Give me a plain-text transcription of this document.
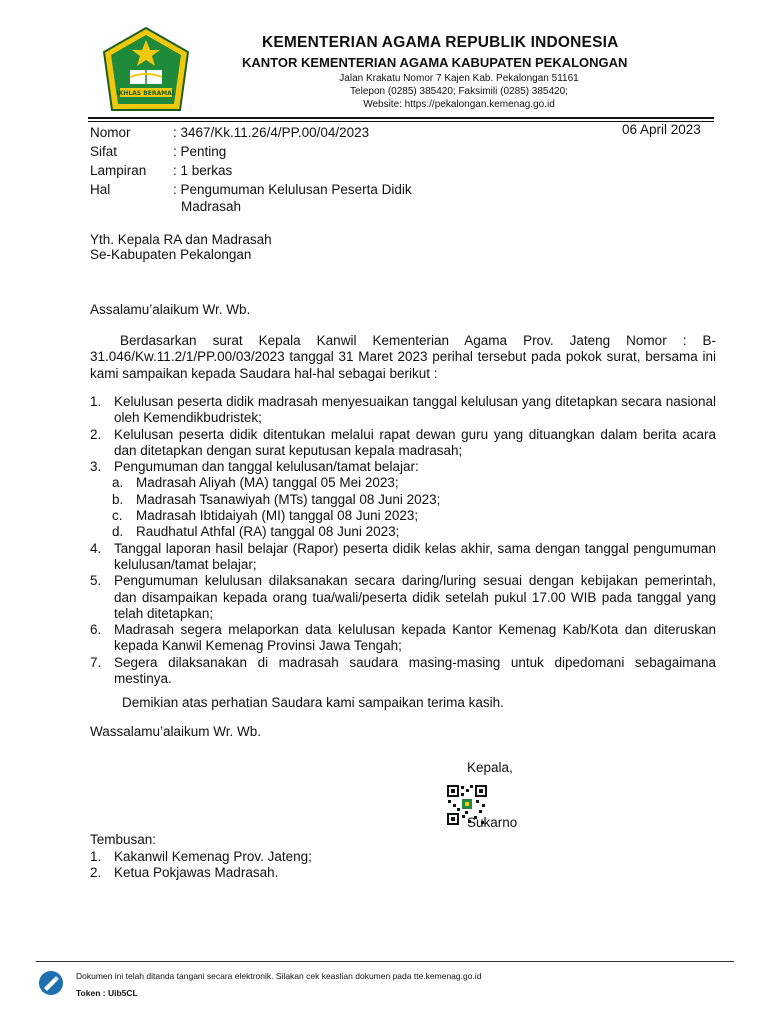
IKHLAS BERAMAL
KEMENTERIAN AGAMA REPUBLIK INDONESIA
KANTOR KEMENTERIAN AGAMA KABUPATEN PEKALONGAN
Jalan Krakatu Nomor 7 Kajen Kab. Pekalongan 51161
Telepon (0285) 385420; Faksimili (0285) 385420;
Website: https://pekalongan.kemenag.go.id
06 April 2023
Nomor	: 3467/Kk.11.26/4/PP.00/04/2023
Sifat	: Penting
Lampiran : 1 berkas
Hal	: Pengumuman Kelulusan Peserta Didik
Madrasah
Yth. Kepala RA dan Madrasah
Se-Kabupaten Pekalongan
Assalamu’alaikum Wr. Wb.
Berdasarkan surat Kepala Kanwil Kementerian Agama Prov. Jateng Nomor : B-31.046/Kw.11.2/1/PP.00/03/2023 tanggal 31 Maret 2023 perihal tersebut pada pokok surat, bersama ini kami sampaikan kepada Saudara hal-hal sebagai berikut :
1. Kelulusan peserta didik madrasah menyesuaikan tanggal kelulusan yang ditetapkan secara nasional oleh Kemendikbudristek;
2. Kelulusan peserta didik ditentukan melalui rapat dewan guru yang dituangkan dalam berita acara dan ditetapkan dengan surat keputusan kepala madrasah;
3. Pengumuman dan tanggal kelulusan/tamat belajar:
a. Madrasah Aliyah (MA) tanggal 05 Mei 2023;
b. Madrasah Tsanawiyah (MTs) tanggal 08 Juni 2023;
c. Madrasah Ibtidaiyah (MI) tanggal 08 Juni 2023;
d. Raudhatul Athfal (RA) tanggal 08 Juni 2023;
4. Tanggal laporan hasil belajar (Rapor) peserta didik kelas akhir, sama dengan tanggal pengumuman kelulusan/tamat belajar;
5. Pengumuman kelulusan dilaksanakan secara daring/luring sesuai dengan kebijakan pemerintah, dan disampaikan kepada orang tua/wali/peserta didik setelah pukul 17.00 WIB pada tanggal yang telah ditetapkan;
6. Madrasah segera melaporkan data kelulusan kepada Kantor Kemenag Kab/Kota dan diteruskan kepada Kanwil Kemenag Provinsi Jawa Tengah;
7. Segera dilaksanakan di madrasah saudara masing-masing untuk dipedomani sebagaimana mestinya.
Demikian atas perhatian Saudara kami sampaikan terima kasih.
Wassalamu’alaikum Wr. Wb.
Kepala,
Sukarno
Tembusan:
1. Kakanwil Kemenag Prov. Jateng;
2. Ketua Pokjawas Madrasah.
Dokumen ini telah ditanda tangani secara elektronik. Silakan cek keaslian dokumen pada tte.kemenag.go.id
Token : Uib5CL
